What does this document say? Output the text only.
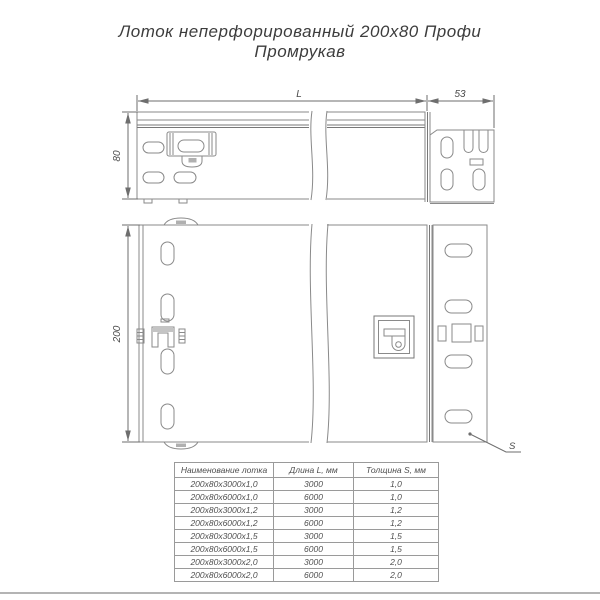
Лоток неперфорированный 200х80 Профи
Промрукав
L	53
80
200
S
Наименование лотка	Длина L, мм	Толщина S, мм
200х80х3000х1,0	3000	1,0
200х80х6000х1,0	6000	1,0
200х80х3000х1,2	3000	1,2
200х80х6000х1,2	6000	1,2
200х80х3000х1,5	3000	1,5
200х80х6000х1,5	6000	1,5
200х80х3000х2,0	3000	2,0
200х80х6000х2,0	6000	2,0
